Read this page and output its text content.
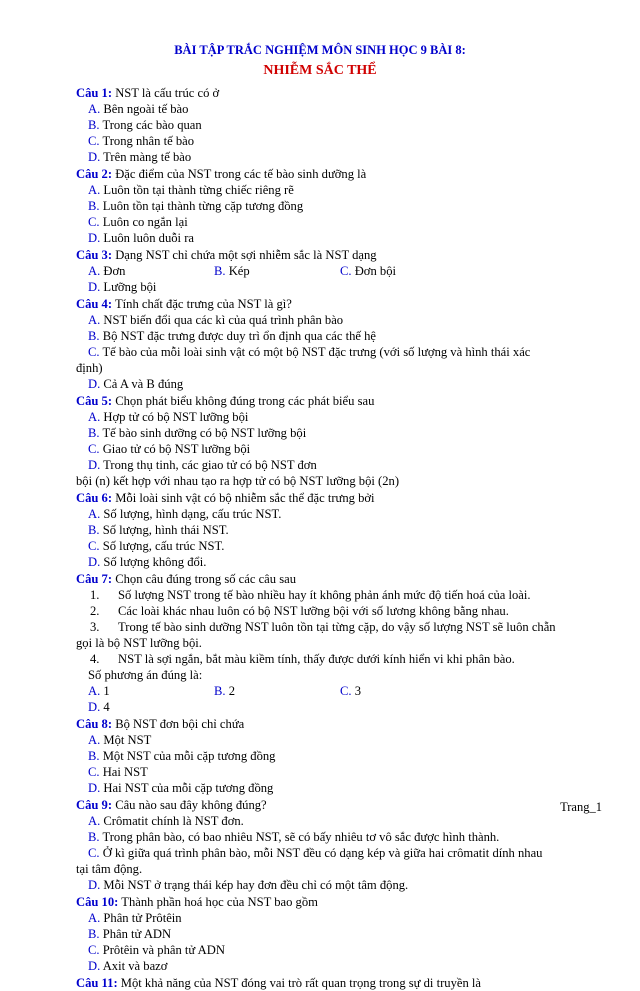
BÀI TẬP TRẮC NGHIỆM MÔN SINH HỌC 9 BÀI 8:
NHIỄM SẮC THỂ
Câu 1: NST là cấu trúc có ở
A. Bên ngoài tế bào
B. Trong các bào quan
C. Trong nhân tế bào
D. Trên màng tế bào
Câu 2: Đặc điểm của NST trong các tế bào sinh dưỡng là
A. Luôn tồn tại thành từng chiếc riêng rẽ
B. Luôn tồn tại thành từng cặp tương đồng
C. Luôn co ngắn lại
D. Luôn luôn duỗi ra
Câu 3: Dạng NST chỉ chứa một sợi nhiễm sắc là NST dạng
A. Đơn	B. Kép	C. Đơn bội
D. Lưỡng bội
Câu 4: Tính chất đặc trưng của NST là gì?
A. NST biến đổi qua các kì của quá trình phân bào
B. Bộ NST đặc trưng được duy trì ổn định qua các thế hệ
C. Tế bào của mỗi loài sinh vật có một bộ NST đặc trưng (với số lượng và hình thái xác
định)
D. Cả A và B đúng
Câu 5: Chọn phát biểu không đúng trong các phát biểu sau
A. Hợp tử có bộ NST lưỡng bội
B. Tế bào sinh dưỡng có bộ NST lưỡng bội
C. Giao tử có bộ NST lưỡng bội
D. Trong thụ tinh, các giao tử có bộ NST đơn
bội (n) kết hợp với nhau tạo ra hợp tử có bộ NST lưỡng bội (2n)
Câu 6: Mỗi loài sinh vật có bộ nhiễm sắc thể đặc trưng bởi
A. Số lượng, hình dạng, cấu trúc NST.
B. Số lượng, hình thái NST.
C. Số lượng, cấu trúc NST.
D. Số lượng không đổi.
Câu 7: Chọn câu đúng trong số các câu sau
1.	Số lượng NST trong tế bào nhiều hay ít không phản ánh mức độ tiến hoá của loài.
2.	Các loài khác nhau luôn có bộ NST lưỡng bội với số lương không bằng nhau.
3.	Trong tế bào sinh dưỡng NST luôn tồn tại từng cặp, do vậy số lượng NST sẽ luôn chẵn
gọi là bộ NST lưỡng bội.
4.	NST là sợi ngắn, bắt màu kiềm tính, thấy được dưới kính hiển vi khi phân bào.
Số phương án đúng là:
A. 1	B. 2	C. 3
D. 4
Câu 8: Bộ NST đơn bội chỉ chứa
A. Một NST
B. Một NST của mỗi cặp tương đồng
C. Hai NST
D. Hai NST của mỗi cặp tương đồng
Câu 9: Câu nào sau đây không đúng?
A. Crômatit chính là NST đơn.
B. Trong phân bào, có bao nhiêu NST, sẽ có bấy nhiêu tơ vô sắc được hình thành.
C. Ở kì giữa quá trình phân bào, mỗi NST đều có dạng kép và giữa hai crômatit dính nhau
tại tâm động.
D. Mỗi NST ở trạng thái kép hay đơn đều chỉ có một tâm động.
Câu 10: Thành phần hoá học của NST bao gồm
A. Phân tử Prôtêin
B. Phân tử ADN
C. Prôtêin và phân tử ADN
D. Axit và bazơ
Câu 11: Một khả năng của NST đóng vai trò rất quan trọng trong sự di truyền là
Trang_1
